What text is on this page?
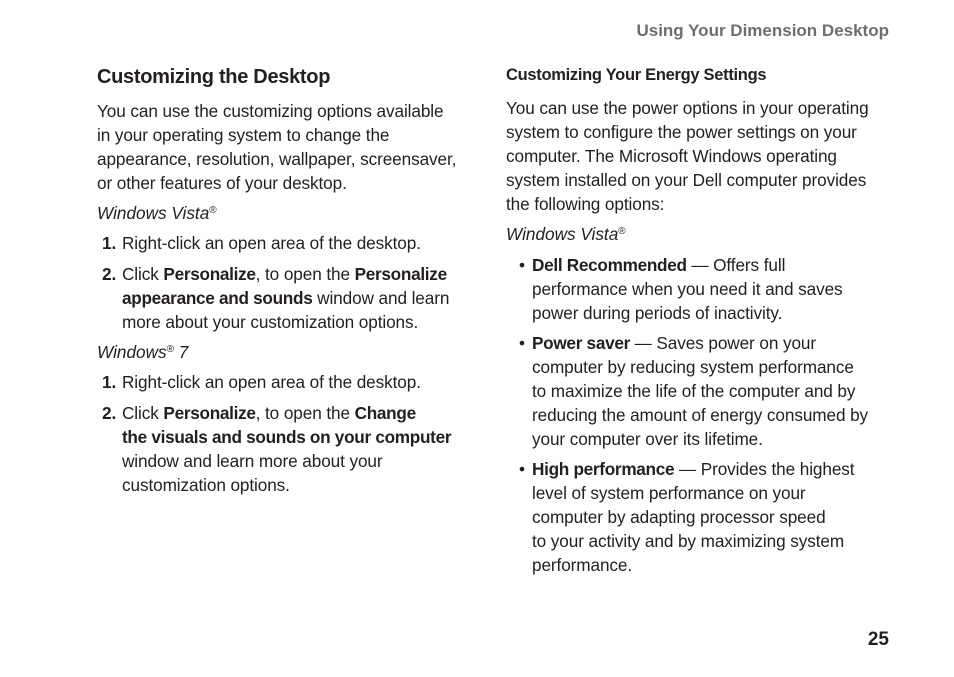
Using Your Dimension Desktop
Customizing the Desktop
You can use the customizing options available
in your operating system to change the
appearance, resolution, wallpaper, screensaver,
or other features of your desktop.
Windows Vista®
1. Right-click an open area of the desktop.
2. Click Personalize, to open the Personalize
appearance and sounds window and learn
more about your customization options.
Windows® 7
1. Right-click an open area of the desktop.
2. Click Personalize, to open the Change
the visuals and sounds on your computer
window and learn more about your
customization options.
Customizing Your Energy Settings
You can use the power options in your operating
system to configure the power settings on your
computer. The Microsoft Windows operating
system installed on your Dell computer provides
the following options:
Windows Vista®
• Dell Recommended — Offers full
performance when you need it and saves
power during periods of inactivity.
• Power saver — Saves power on your
computer by reducing system performance
to maximize the life of the computer and by
reducing the amount of energy consumed by
your computer over its lifetime.
• High performance — Provides the highest
level of system performance on your
computer by adapting processor speed
to your activity and by maximizing system
performance.
25
